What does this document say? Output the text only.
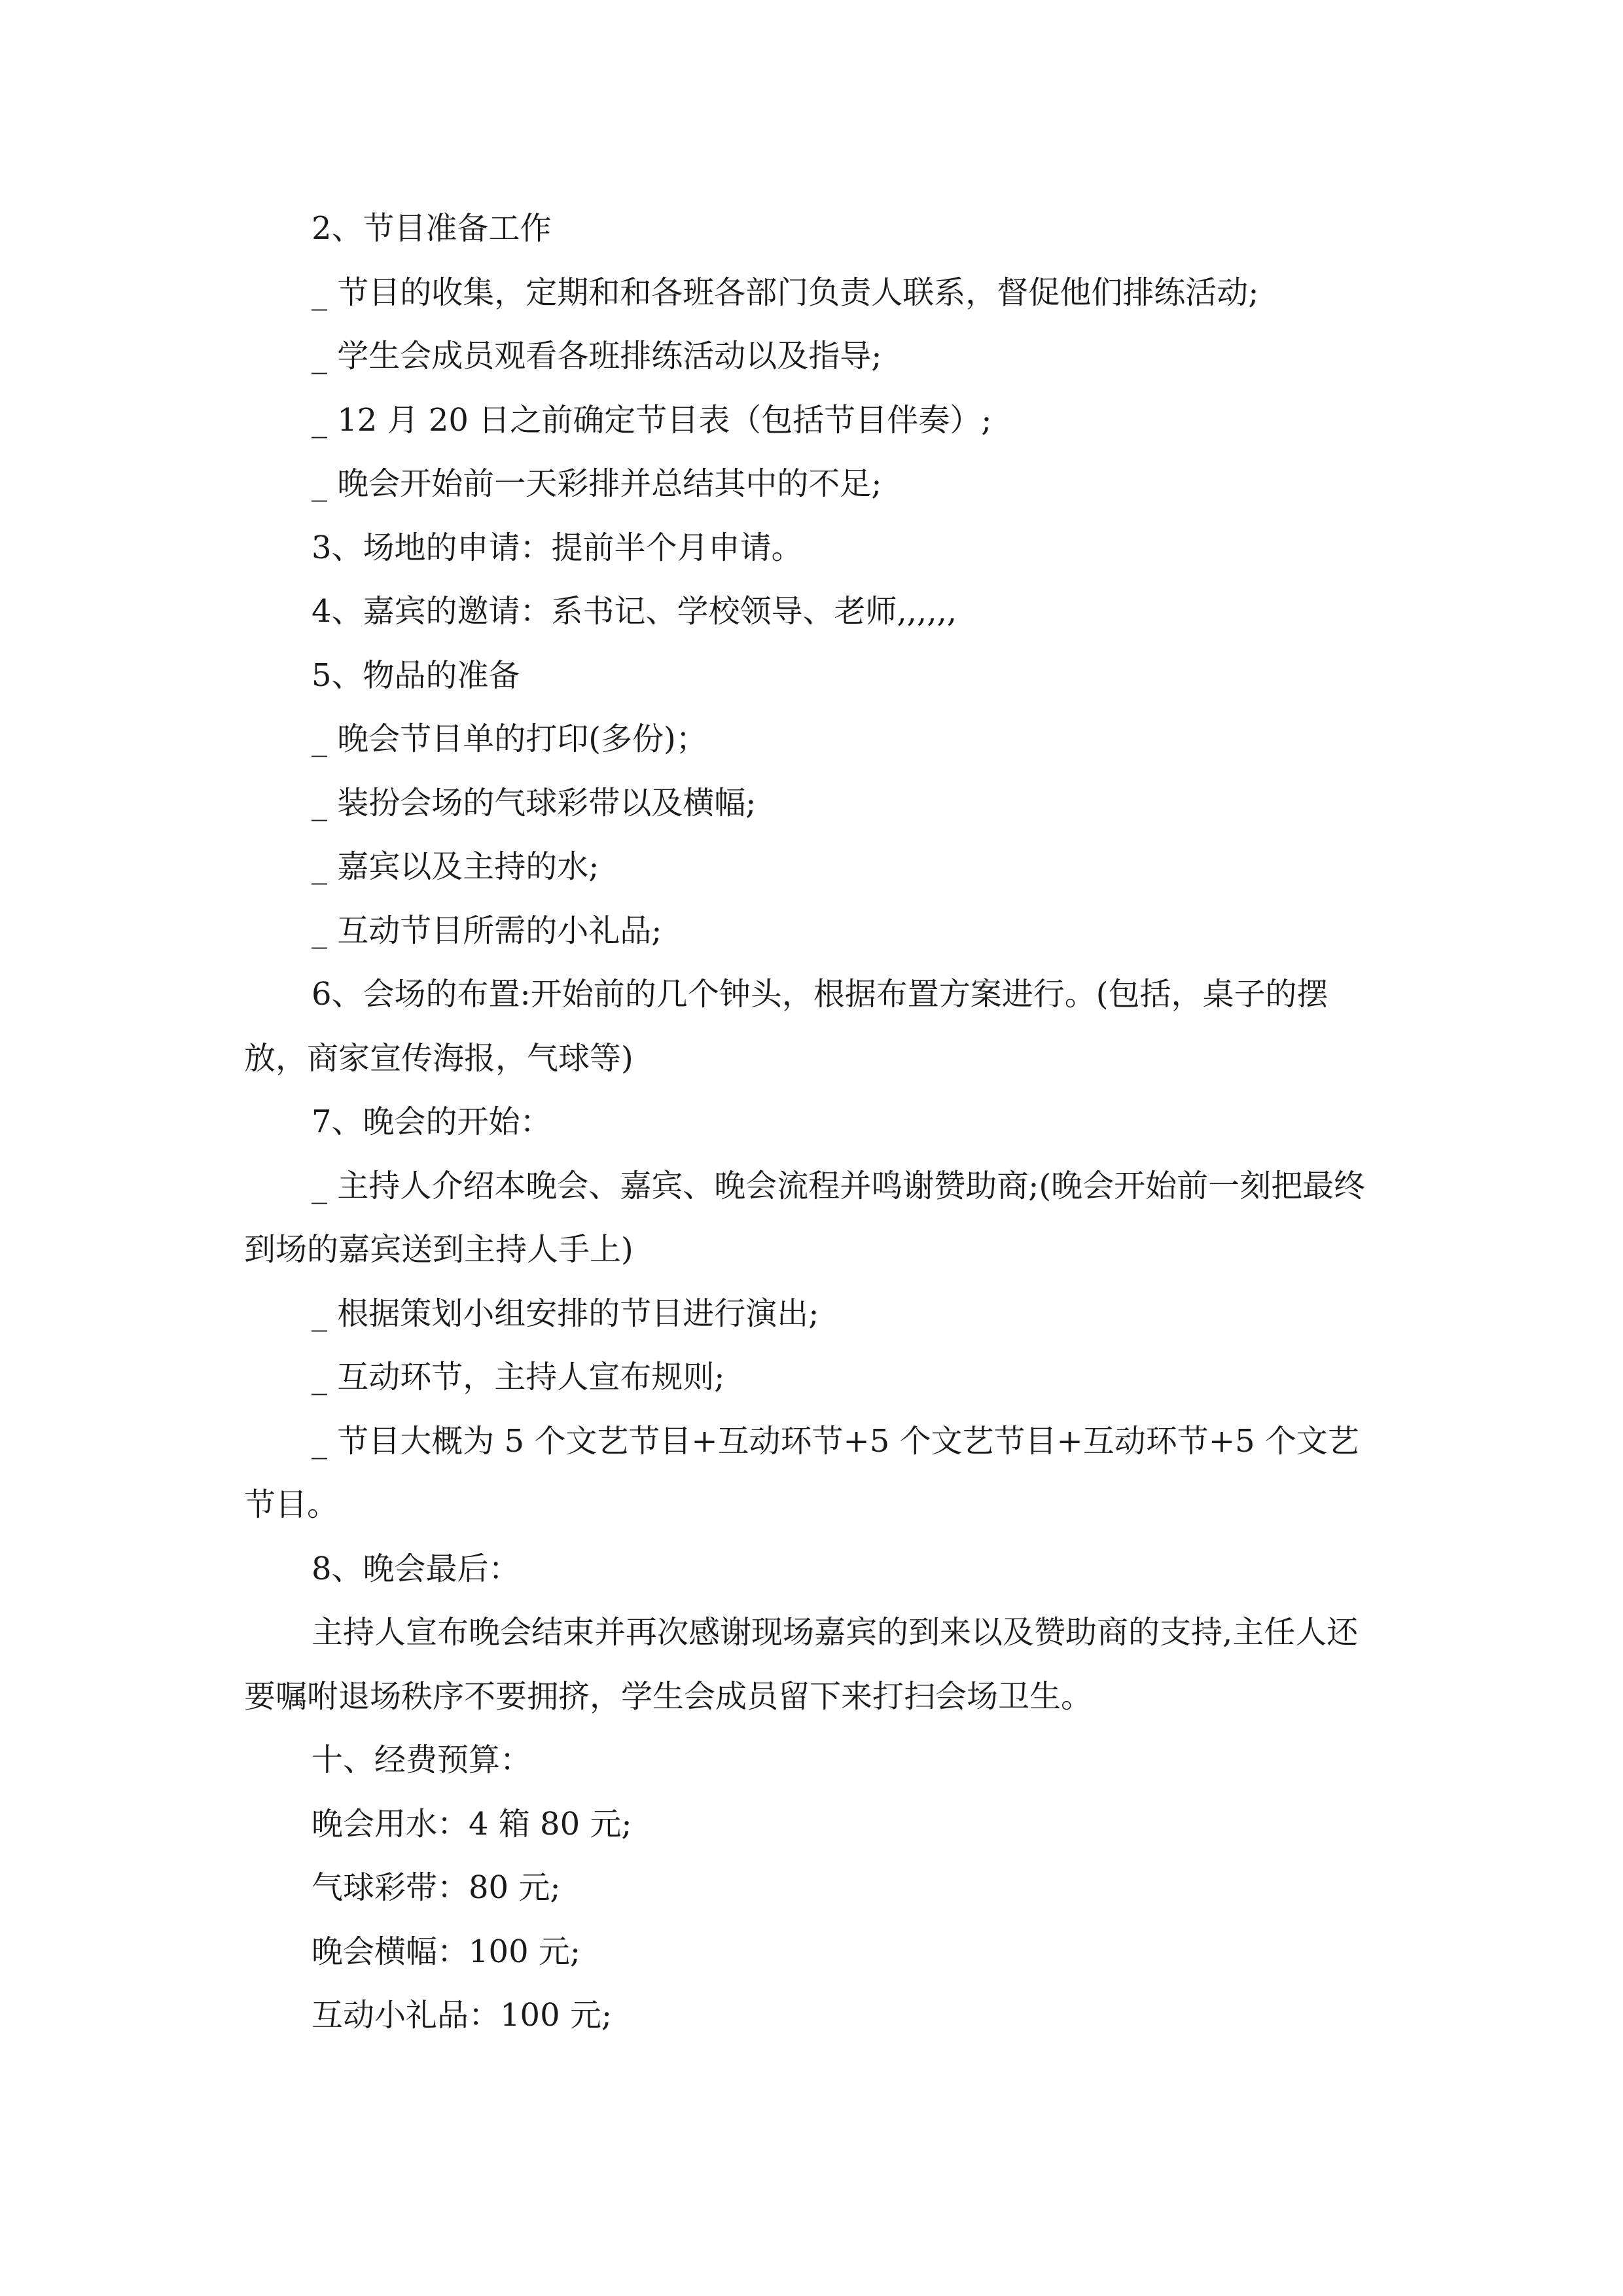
2、节目准备工作

_ 节目的收集，定期和和各班各部门负责人联系，督促他们排练活动;

_ 学生会成员观看各班排练活动以及指导;

_ 12 月 20 日之前确定节目表（包括节目伴奏）;

_ 晚会开始前一天彩排并总结其中的不足;

3、场地的申请：提前半个月申请。

4、嘉宾的邀请：系书记、学校领导、老师,,,,,,

5、物品的准备

_ 晚会节目单的打印(多份)；

_ 装扮会场的气球彩带以及横幅;

_ 嘉宾以及主持的水;

_ 互动节目所需的小礼品;

6、会场的布置:开始前的几个钟头，根据布置方案进行。(包括，桌子的摆放，商家宣传海报，气球等)

7、晚会的开始：

_ 主持人介绍本晚会、嘉宾、晚会流程并鸣谢赞助商;(晚会开始前一刻把最终到场的嘉宾送到主持人手上)

_ 根据策划小组安排的节目进行演出;

_ 互动环节，主持人宣布规则;

_ 节目大概为 5 个文艺节目+互动环节+5 个文艺节目+互动环节+5 个文艺节目。

8、晚会最后：

主持人宣布晚会结束并再次感谢现场嘉宾的到来以及赞助商的支持,主任人还要嘱咐退场秩序不要拥挤，学生会成员留下来打扫会场卫生。

十、经费预算：

晚会用水：4 箱 80 元;

气球彩带：80 元;

晚会横幅：100 元;

互动小礼品：100 元;
